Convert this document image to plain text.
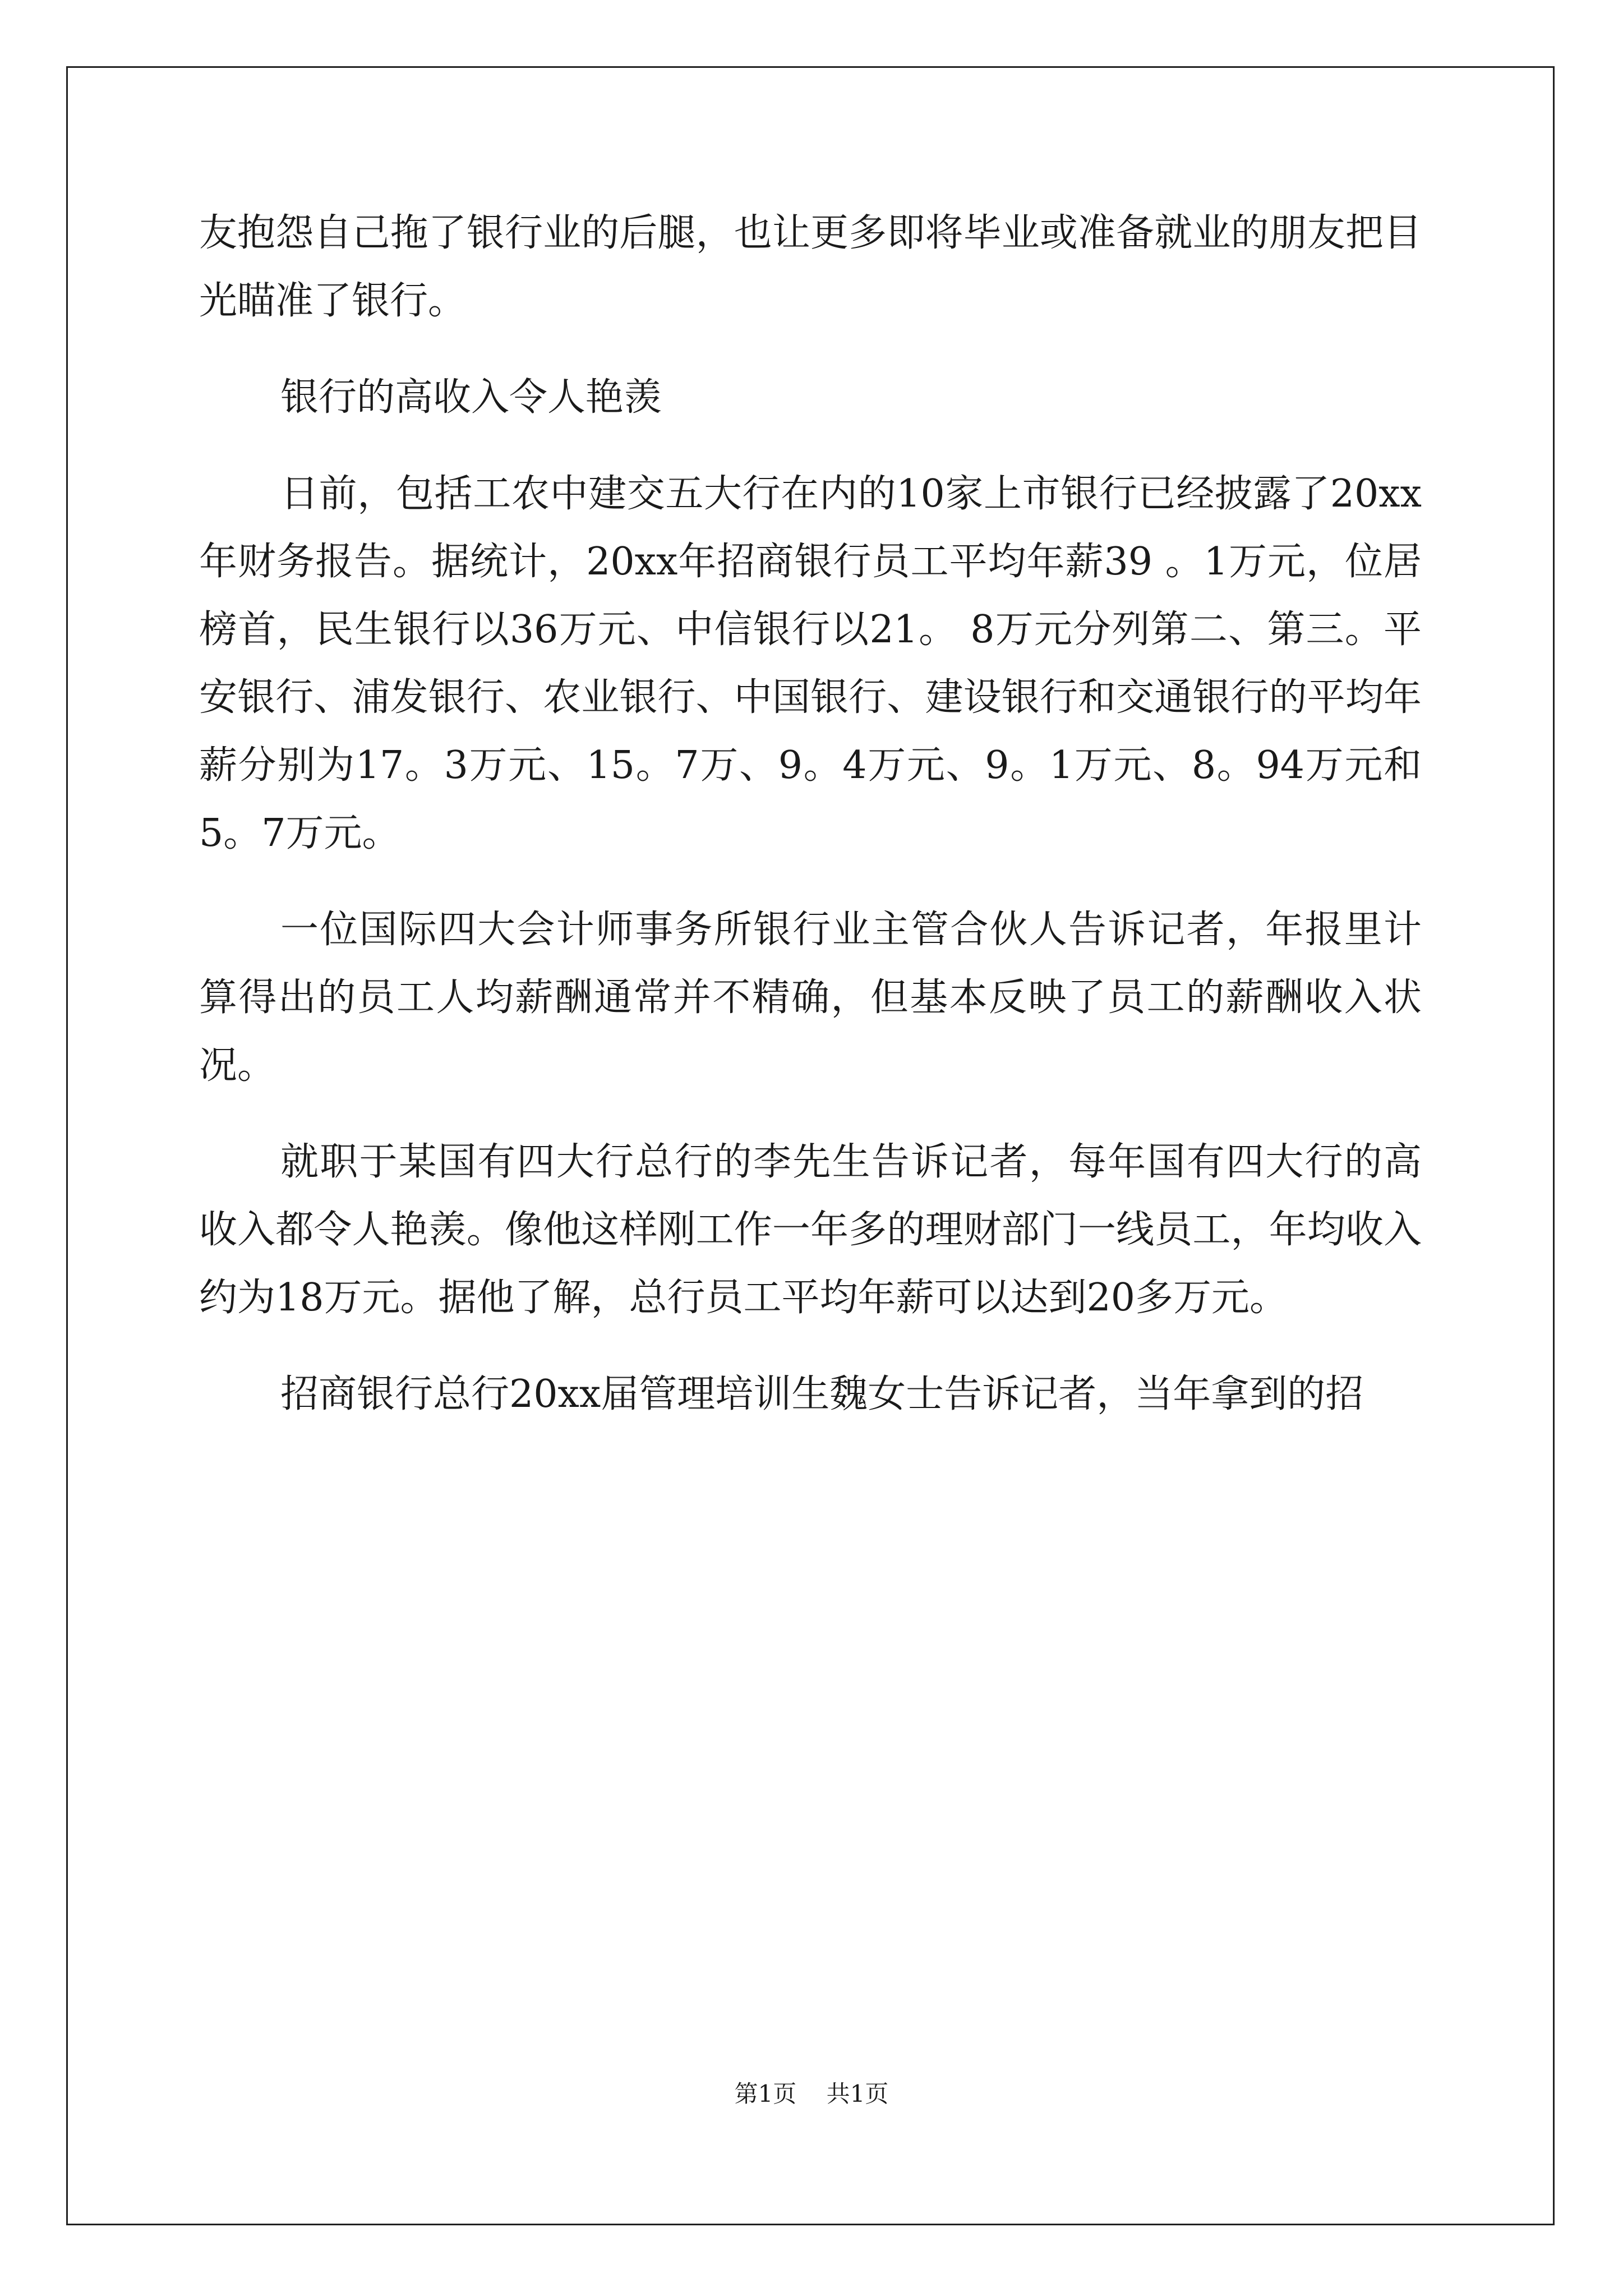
友抱怨自己拖了银行业的后腿，也让更多即将毕业或准备就业的朋友把目光瞄准了银行。

银行的高收入令人艳羡

日前，包括工农中建交五大行在内的10家上市银行已经披露了20xx年财务报告。据统计，20xx年招商银行员工平均年薪39 。1万元，位居榜首，民生银行以36万元、中信银行以21。 8万元分列第二、第三。平安银行、浦发银行、农业银行、中国银行、建设银行和交通银行的平均年薪分别为17。3万元、15。7万、9。4万元、9。1万元、8。94万元和5。7万元。

一位国际四大会计师事务所银行业主管合伙人告诉记者，年报里计算得出的员工人均薪酬通常并不精确，但基本反映了员工的薪酬收入状况。

就职于某国有四大行总行的李先生告诉记者，每年国有四大行的高收入都令人艳羡。像他这样刚工作一年多的理财部门一线员工，年均收入约为18万元。据他了解，总行员工平均年薪可以达到20多万元。

招商银行总行20xx届管理培训生魏女士告诉记者，当年拿到的招

第1页    共1页
